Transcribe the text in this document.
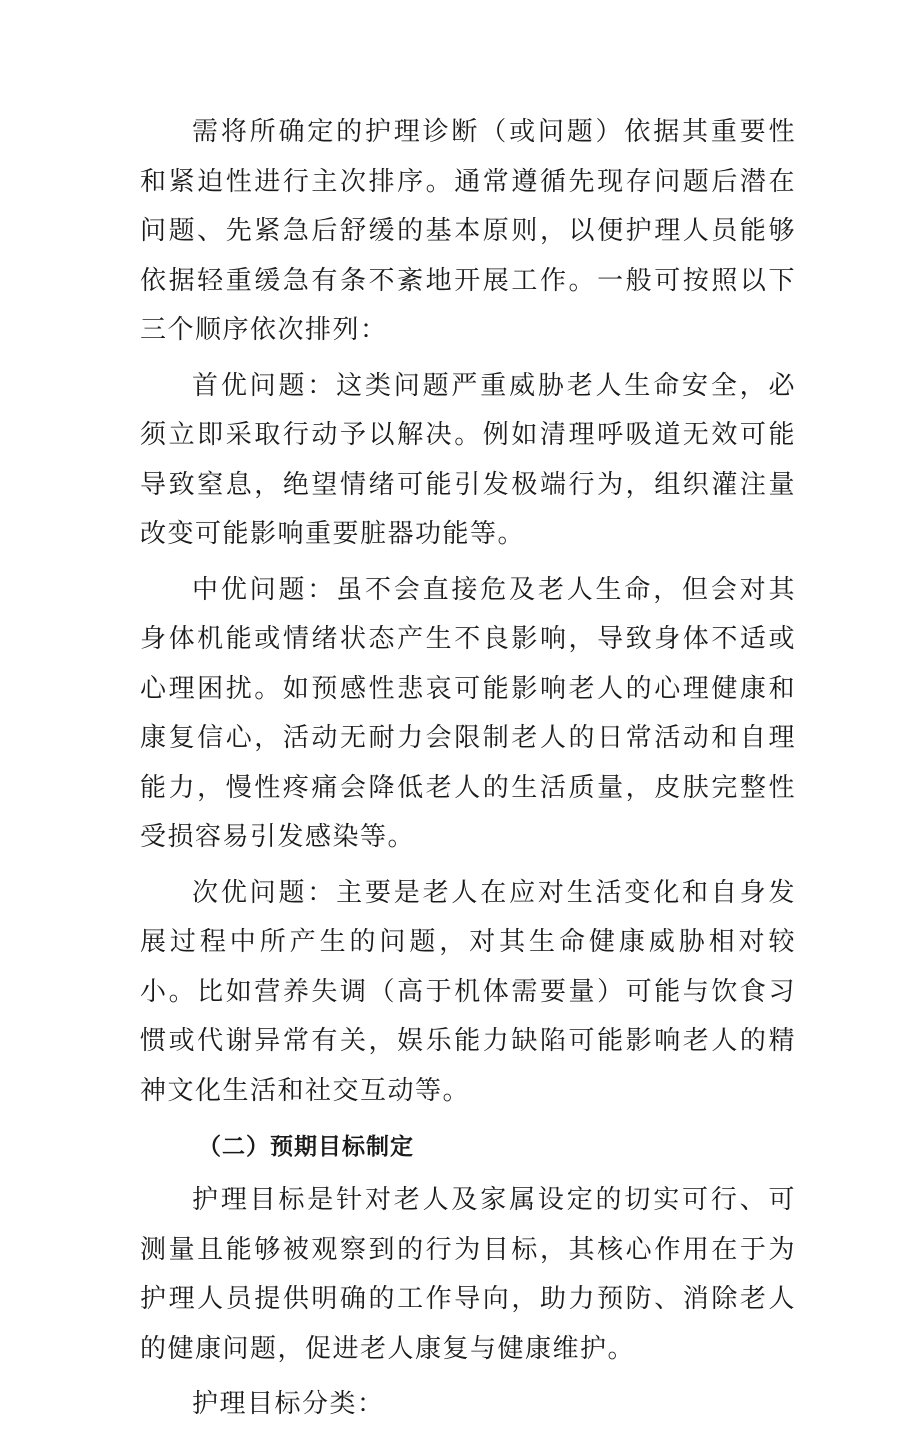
需将所确定的护理诊断（或问题）依据其重要性和紧迫性进行主次排序。通常遵循先现存问题后潜在问题、先紧急后舒缓的基本原则，以便护理人员能够依据轻重缓急有条不紊地开展工作。一般可按照以下三个顺序依次排列：

首优问题：这类问题严重威胁老人生命安全，必须立即采取行动予以解决。例如清理呼吸道无效可能导致窒息，绝望情绪可能引发极端行为，组织灌注量改变可能影响重要脏器功能等。

中优问题：虽不会直接危及老人生命，但会对其身体机能或情绪状态产生不良影响，导致身体不适或心理困扰。如预感性悲哀可能影响老人的心理健康和康复信心，活动无耐力会限制老人的日常活动和自理能力，慢性疼痛会降低老人的生活质量，皮肤完整性受损容易引发感染等。

次优问题：主要是老人在应对生活变化和自身发展过程中所产生的问题，对其生命健康威胁相对较小。比如营养失调（高于机体需要量）可能与饮食习惯或代谢异常有关，娱乐能力缺陷可能影响老人的精神文化生活和社交互动等。

（二）预期目标制定

护理目标是针对老人及家属设定的切实可行、可测量且能够被观察到的行为目标，其核心作用在于为护理人员提供明确的工作导向，助力预防、消除老人的健康问题，促进老人康复与健康维护。

护理目标分类：
